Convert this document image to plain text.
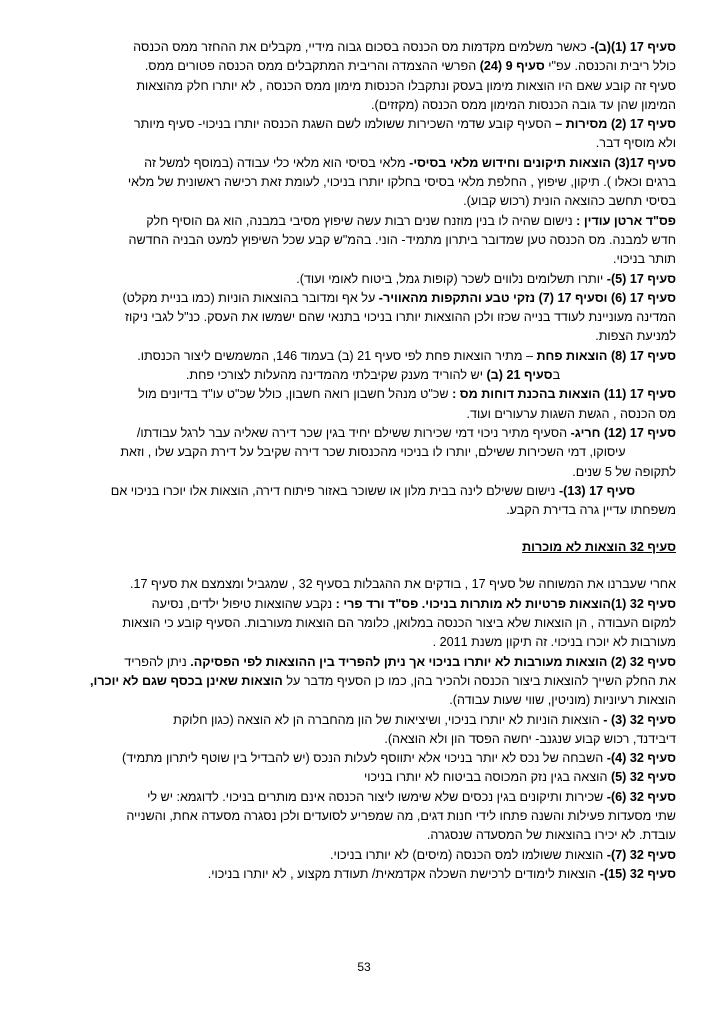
סעיף 17 (1)(ב)- כאשר משלמים מקדמות מס הכנסה בסכום גבוה מידיי, מקבלים את ההחזר ממס הכנסה
כולל ריבית והכנסה. עפ"י סעיף 9 (24) הפרשי ההצמדה והריבית המתקבלים ממס הכנסה פטורים ממס.
סעיף זה קובע שאם היו הוצאות מימון בעסק ונתקבלו הכנסות מימון ממס הכנסה , לא יותרו חלק מהוצאות
המימון שהן עד גובה הכנסות המימון ממס הכנסה (מקזזים).
סעיף 17 (2) מסירות – הסעיף קובע שדמי השכירות ששולמו לשם השגת הכנסה יותרו בניכוי- סעיף מיותר
ולא מוסיף דבר.
סעיף 17(3) הוצאות תיקונים וחידוש מלאי בסיסי- מלאי בסיסי הוא מלאי כלי עבודה (במוסף למשל זה
ברגים וכאלו ). תיקון, שיפוץ , החלפת מלאי בסיסי בחלקו יותרו בניכוי, לעומת זאת רכישה ראשונית של מלאי
בסיסי תחשב כהוצאה הונית (רכוש קבוע).
פס"ד ארטן עודין : נישום שהיה לו בנין מוזנח שנים רבות עשה שיפוץ מסיבי במבנה, הוא גם הוסיף חלק
חדש למבנה. מס הכנסה טען שמדובר ביתרון מתמיד- הוני. בהמ"ש קבע שכל השיפוץ למעט הבניה החדשה
תותר בניכוי.
סעיף 17 (5)- יותרו תשלומים נלווים לשכר (קופות גמל, ביטוח לאומי ועוד).
סעיף 17 (6) וסעיף 17 (7) נזקי טבע והתקפות מהאוויר- על אף ומדובר בהוצאות הוניות (כמו בניית מקלט)
המדינה מעוניינת לעודד בנייה שכזו ולכן ההוצאות יותרו בניכוי בתנאי שהם ישמשו את העסק. כנ"ל לגבי ניקוז
למניעת הצפות.
סעיף 17 (8) הוצאות פחת – מתיר הוצאות פחת לפי סעיף 21 (ב) בעמוד 146, המשמשים ליצור הכנסתו.
בסעיף 21 (ב) יש להוריד מענק שקיבלתי מהמדינה מהעלות לצורכי פחת.
סעיף 17 (11) הוצאות בהכנת דוחות מס : שכ"ט מנהל חשבון רואה חשבון, כולל שכ"ט עו"ד בדיונים מול
מס הכנסה , הגשת השגות ערעורים ועוד.
סעיף 17 (12) חריג- הסעיף מתיר ניכוי דמי שכירות ששילם יחיד בגין שכר דירה שאליה עבר לרגל עבודתו/
עיסוקו, דמי השכירות ששילם, יותרו לו בניכוי מהכנסות שכר דירה שקיבל על דירת הקבע שלו , וזאת
לתקופה של 5 שנים.
סעיף 17 (13)- נישום ששילם לינה בבית מלון או ששוכר באזור פיתוח דירה, הוצאות אלו יוכרו בניכוי אם
משפחתו עדיין גרה בדירת הקבע.
סעיף 32 הוצאות לא מוכרות
אחרי שעברנו את המשוחה של סעיף 17 , בודקים את ההגבלות בסעיף 32 , שמגביל ומצמצם את סעיף 17.
סעיף 32 (1)הוצאות פרטיות לא מותרות בניכוי. פס"ד ורד פרי : נקבע שהוצאות טיפול ילדים, נסיעה
למקום העבודה , הן הוצאות שלא ביצור הכנסה במלואן, כלומר הם הוצאות מעורבות. הסעיף קובע כי הוצאות
מעורבות לא יוכרו בניכוי. זה תיקון משנת 2011 .
סעיף 32 (2) הוצאות מעורבות לא יותרו בניכוי אך ניתן להפריד בין ההוצאות לפי הפסיקה. ניתן להפריד
את החלק השייך להוצאות ביצור הכנסה ולהכיר בהן, כמו כן הסעיף מדבר על הוצאות שאינן בכסף שגם לא יוכרו,
הוצאות רעיוניות (מוניטין, שווי שעות עבודה).
סעיף 32 (3) - הוצאות הוניות לא יותרו בניכוי, ושיציאות של הון מהחברה הן לא הוצאה (כגון חלוקת
דיבידנד, רכוש קבוע שנגנב- יחשה הפסד הון ולא הוצאה).
סעיף 32 (4)- השבחה של נכס לא יותר בניכוי אלא יתווסף לעלות הנכס (יש להבדיל בין שוטף ליתרון מתמיד)
סעיף 32 (5) הוצאה בגין נזק המכוסה בביטוח לא יותרו בניכוי
סעיף 32 (6)- שכירות ותיקונים בגין נכסים שלא שימשו ליצור הכנסה אינם מותרים בניכוי. לדוגמא: יש לי
שתי מסעדות פעילות והשנה פתחו לידי חנות דגים, מה שמפריע לסועדים ולכן נסגרה מסעדה אחת, והשנייה
עובדת. לא יכירו בהוצאות של המסעדה שנסגרה.
סעיף 32 (7)- הוצאות ששולמו למס הכנסה (מיסים) לא יותרו בניכוי.
סעיף 32 (15)- הוצאות לימודים לרכישת השכלה אקדמאית/ תעודת מקצוע , לא יותרו בניכוי.
53
